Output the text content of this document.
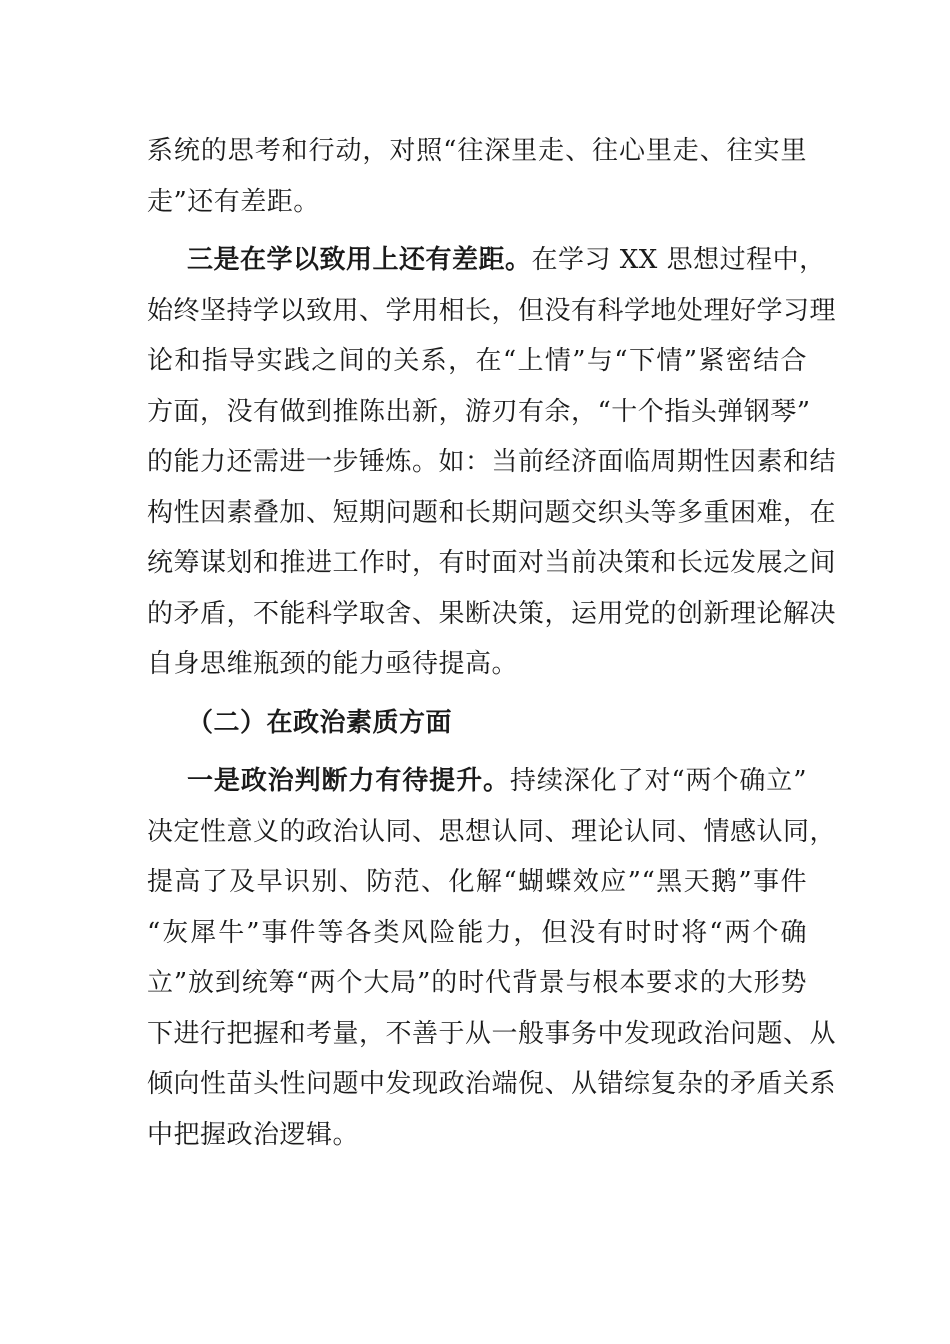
系统的思考和行动，对照“往深里走、往心里走、往实里
走”还有差距。
三是在学以致用上还有差距。在学习 XX 思想过程中，
始终坚持学以致用、学用相长，但没有科学地处理好学习理
论和指导实践之间的关系，在“上情”与“下情”紧密结合
方面，没有做到推陈出新，游刃有余，“十个指头弹钢琴”
的能力还需进一步锤炼。如：当前经济面临周期性因素和结
构性因素叠加、短期问题和长期问题交织头等多重困难，在
统筹谋划和推进工作时，有时面对当前决策和长远发展之间
的矛盾，不能科学取舍、果断决策，运用党的创新理论解决
自身思维瓶颈的能力亟待提高。
（二）在政治素质方面
一是政治判断力有待提升。持续深化了对“两个确立”
决定性意义的政治认同、思想认同、理论认同、情感认同，
提高了及早识别、防范、化解“蝴蝶效应”“黑天鹅”事件
“灰犀牛”事件等各类风险能力，但没有时时将“两个确
立”放到统筹“两个大局”的时代背景与根本要求的大形势
下进行把握和考量，不善于从一般事务中发现政治问题、从
倾向性苗头性问题中发现政治端倪、从错综复杂的矛盾关系
中把握政治逻辑。
